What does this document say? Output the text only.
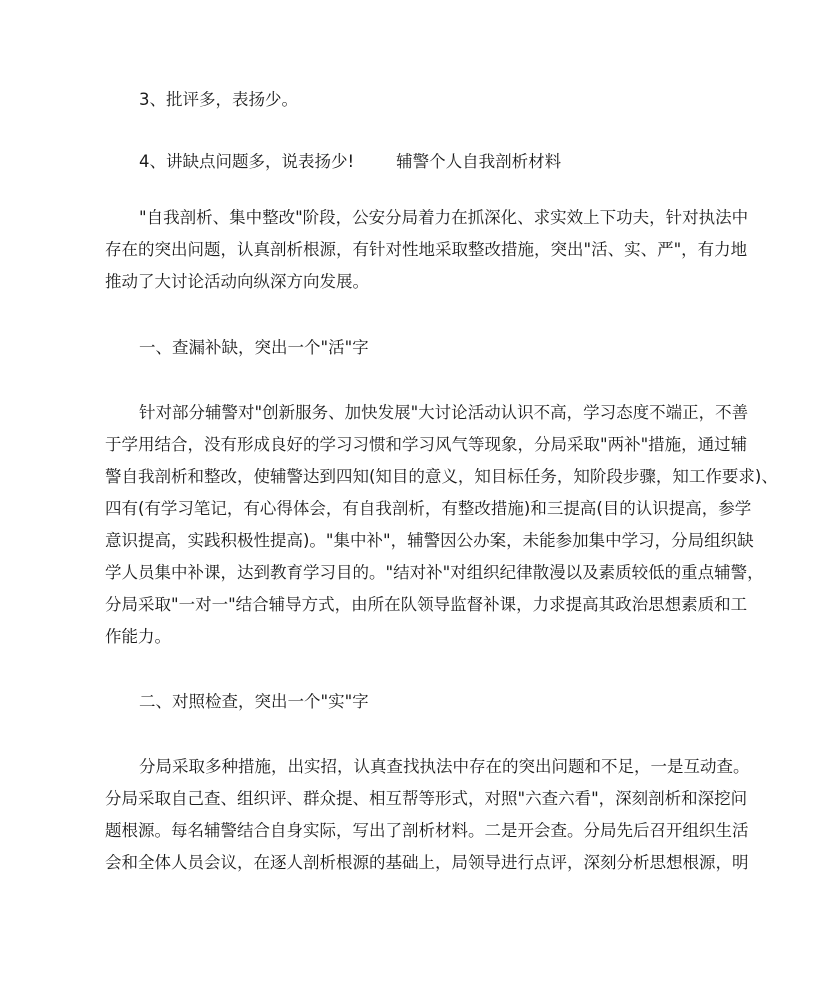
3、批评多，表扬少。
4、讲缺点问题多，说表扬少!	辅警个人自我剖析材料
"自我剖析、集中整改"阶段，公安分局着力在抓深化、求实效上下功夫，针对执法中
存在的突出问题，认真剖析根源，有针对性地采取整改措施，突出"活、实、严"，有力地
推动了大讨论活动向纵深方向发展。
一、查漏补缺，突出一个"活"字
针对部分辅警对"创新服务、加快发展"大讨论活动认识不高，学习态度不端正，不善
于学用结合，没有形成良好的学习习惯和学习风气等现象，分局采取"两补"措施，通过辅
警自我剖析和整改，使辅警达到四知(知目的意义，知目标任务，知阶段步骤，知工作要求)、
四有(有学习笔记，有心得体会，有自我剖析，有整改措施)和三提高(目的认识提高，参学
意识提高，实践积极性提高)。"集中补"，辅警因公办案，未能参加集中学习，分局组织缺
学人员集中补课，达到教育学习目的。"结对补"对组织纪律散漫以及素质较低的重点辅警，
分局采取"一对一"结合辅导方式，由所在队领导监督补课，力求提高其政治思想素质和工
作能力。
二、对照检查，突出一个"实"字
分局采取多种措施，出实招，认真查找执法中存在的突出问题和不足，一是互动查。
分局采取自己查、组织评、群众提、相互帮等形式，对照"六查六看"，深刻剖析和深挖问
题根源。每名辅警结合自身实际，写出了剖析材料。二是开会查。分局先后召开组织生活
会和全体人员会议，在逐人剖析根源的基础上，局领导进行点评，深刻分析思想根源，明
